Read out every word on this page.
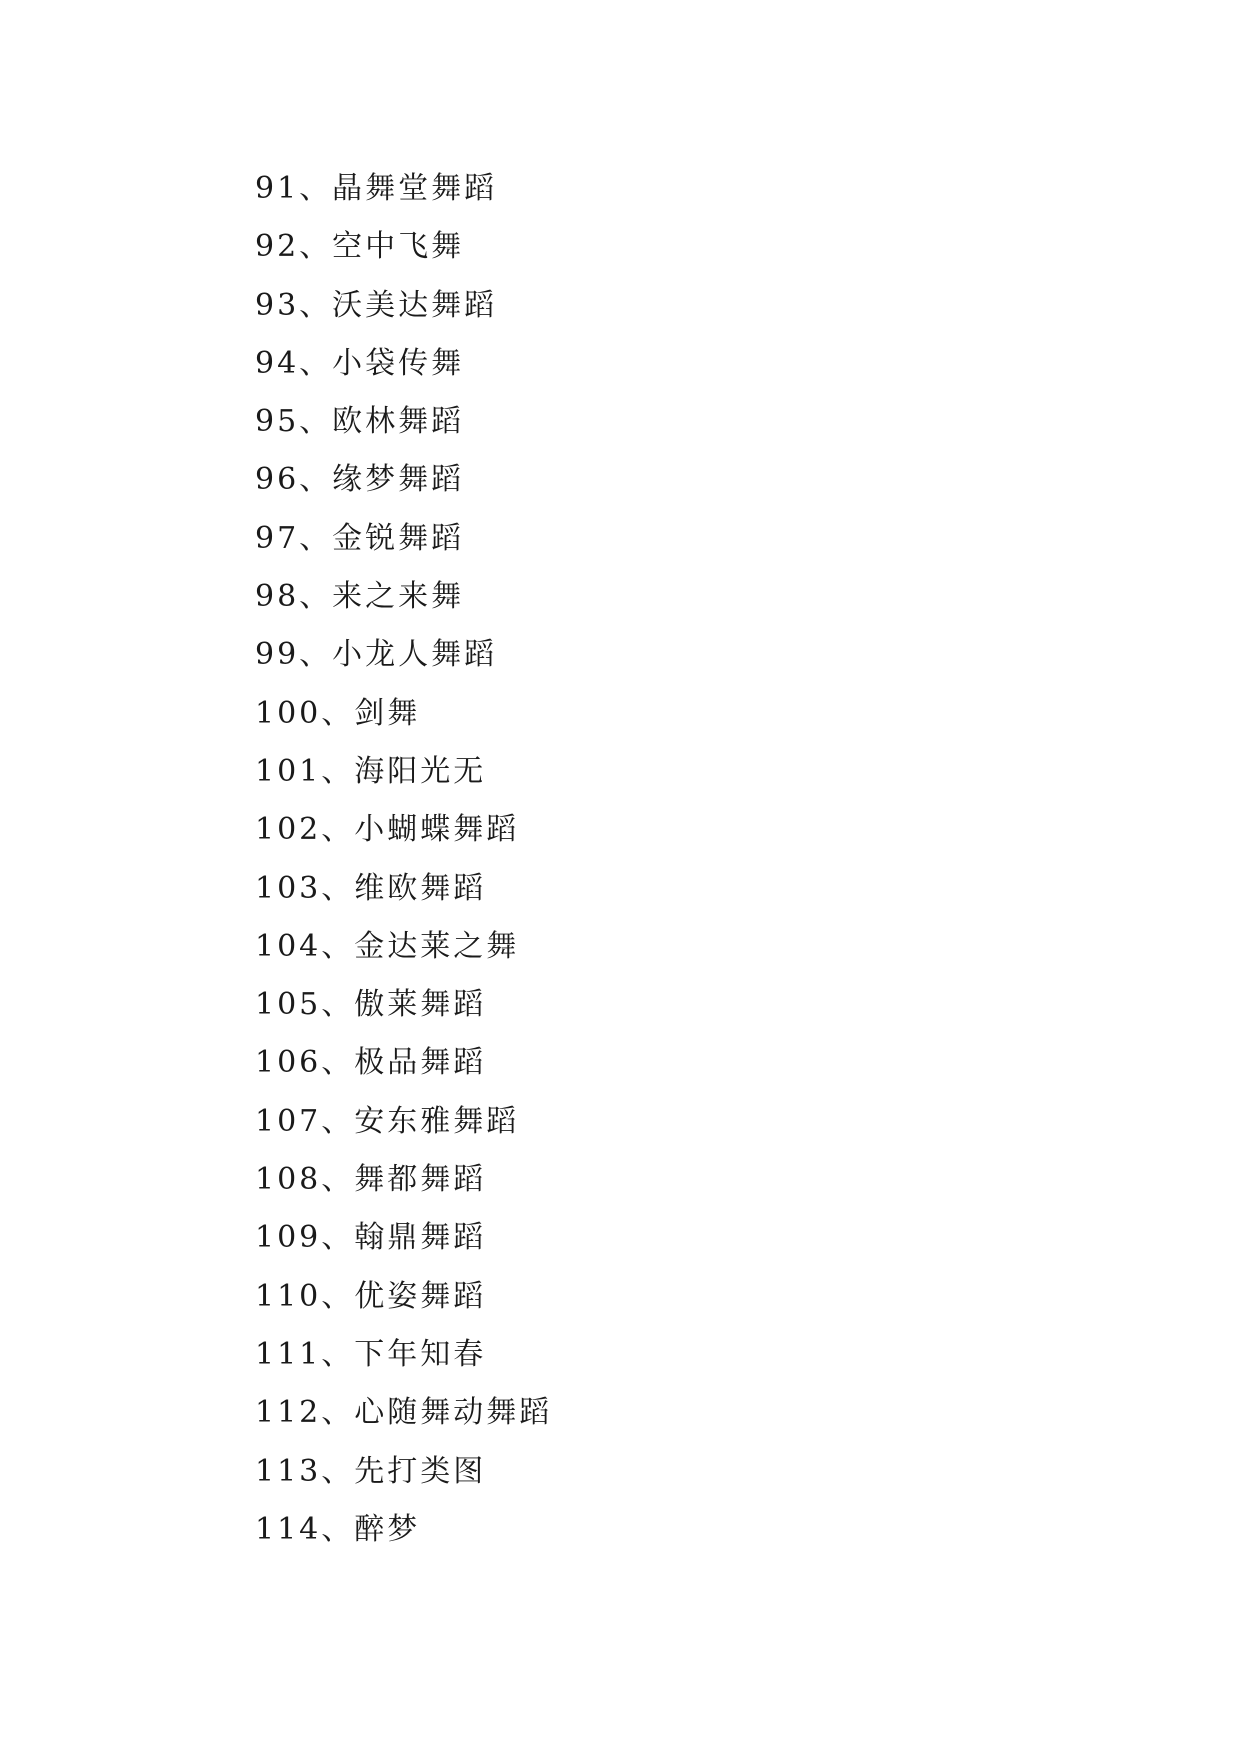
91、晶舞堂舞蹈
92、空中飞舞
93、沃美达舞蹈
94、小袋传舞
95、欧林舞蹈
96、缘梦舞蹈
97、金锐舞蹈
98、来之来舞
99、小龙人舞蹈
100、剑舞
101、海阳光无
102、小蝴蝶舞蹈
103、维欧舞蹈
104、金达莱之舞
105、傲莱舞蹈
106、极品舞蹈
107、安东雅舞蹈
108、舞都舞蹈
109、翰鼎舞蹈
110、优姿舞蹈
111、下年知春
112、心随舞动舞蹈
113、先打类图
114、醉梦
